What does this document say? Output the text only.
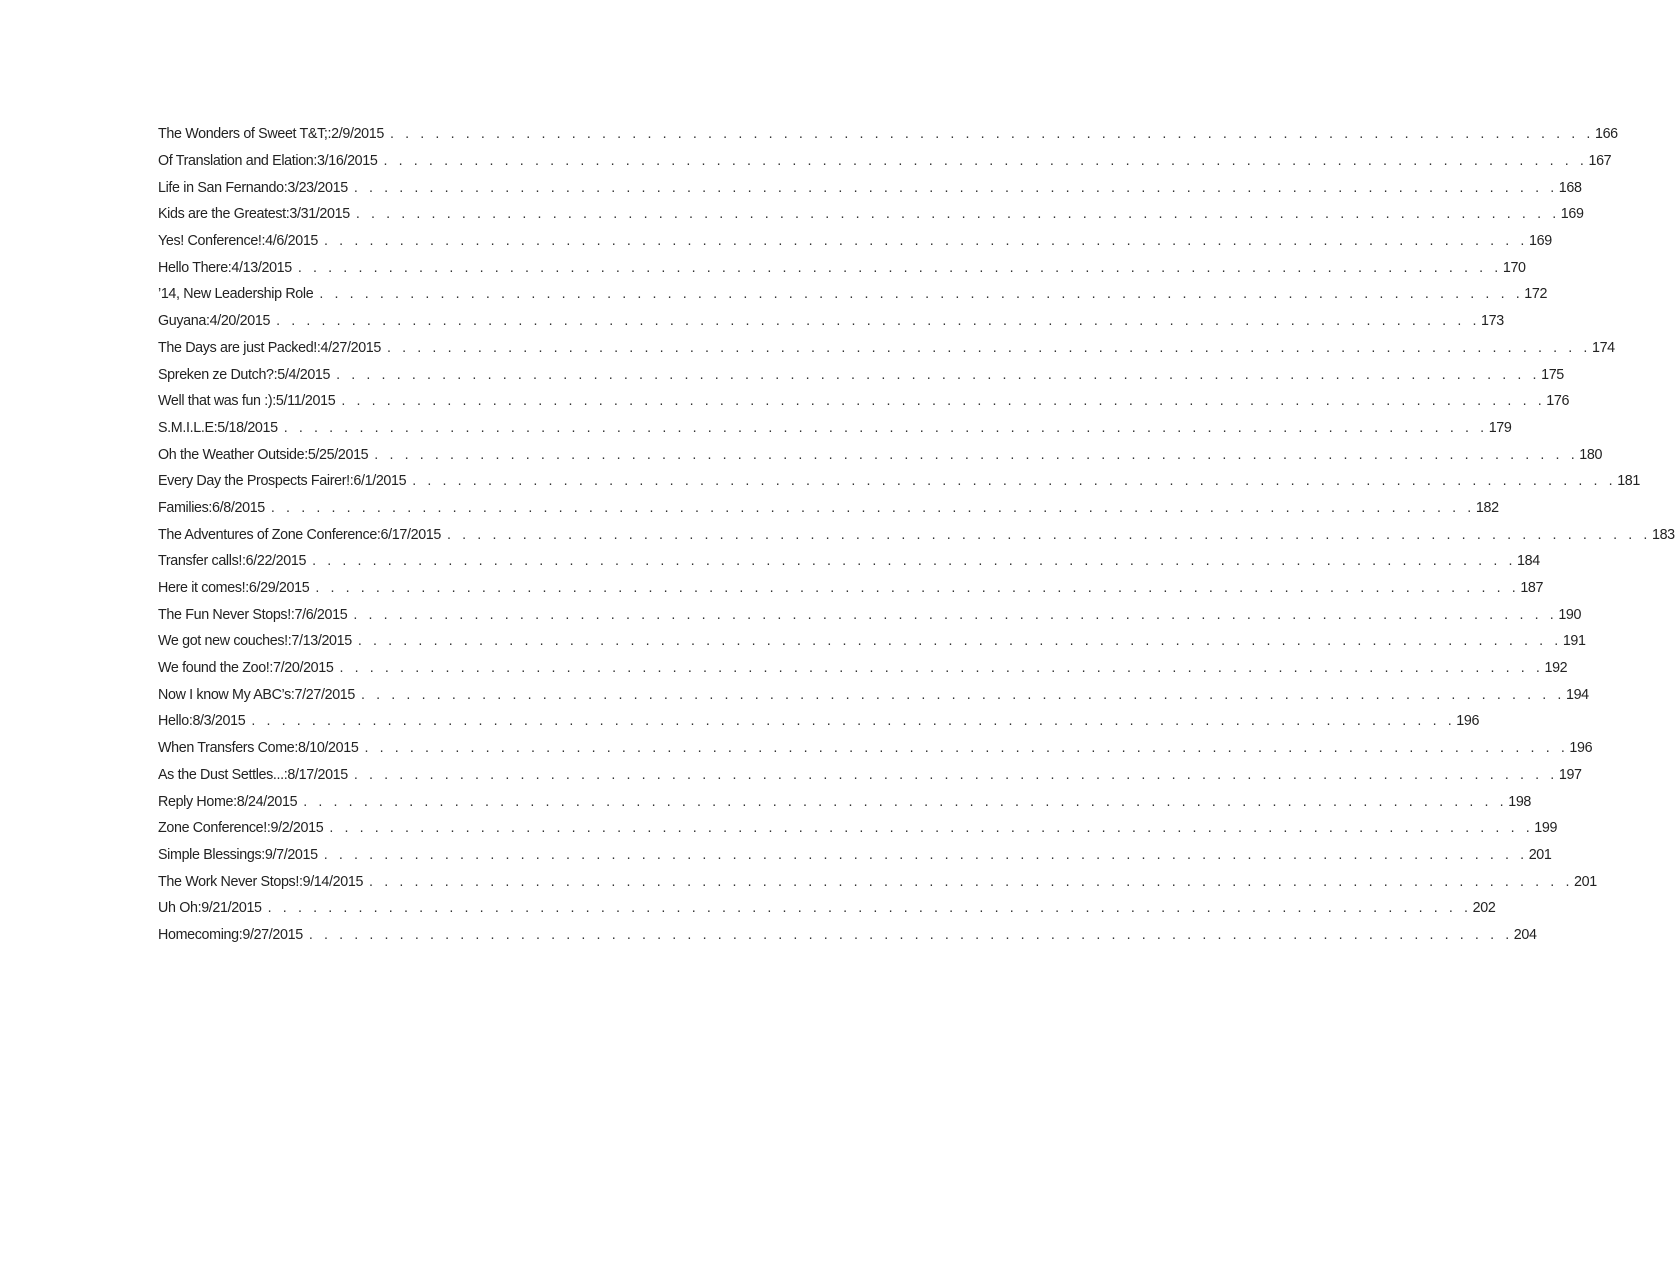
The Wonders of Sweet T&T;:2/9/2015 . . . . . . . . . . . . . . . . . . . . . . . . . . . . . . . . . . . . . . . . . . . . . . . . . . . . . . . . . . . . . . . . . . . . . . . . . . . . . . . . 166
Of Translation and Elation:3/16/2015 . . . . . . . . . . . . . . . . . . . . . . . . . . . . . . . . . . . . . . . . . . . . . . . . . . . . . . . . . . . . . . . . . . . . . . . . . . . . . . . . 167
Life in San Fernando:3/23/2015 . . . . . . . . . . . . . . . . . . . . . . . . . . . . . . . . . . . . . . . . . . . . . . . . . . . . . . . . . . . . . . . . . . . . . . . . . . . . . . . . 168
Kids are the Greatest:3/31/2015 . . . . . . . . . . . . . . . . . . . . . . . . . . . . . . . . . . . . . . . . . . . . . . . . . . . . . . . . . . . . . . . . . . . . . . . . . . . . . . . . 169
Yes! Conference!:4/6/2015 . . . . . . . . . . . . . . . . . . . . . . . . . . . . . . . . . . . . . . . . . . . . . . . . . . . . . . . . . . . . . . . . . . . . . . . . . . . . . . . . 169
Hello There:4/13/2015 . . . . . . . . . . . . . . . . . . . . . . . . . . . . . . . . . . . . . . . . . . . . . . . . . . . . . . . . . . . . . . . . . . . . . . . . . . . . . . . . 170
’14, New Leadership Role . . . . . . . . . . . . . . . . . . . . . . . . . . . . . . . . . . . . . . . . . . . . . . . . . . . . . . . . . . . . . . . . . . . . . . . . . . . . . . . . 172
Guyana:4/20/2015 . . . . . . . . . . . . . . . . . . . . . . . . . . . . . . . . . . . . . . . . . . . . . . . . . . . . . . . . . . . . . . . . . . . . . . . . . . . . . . . . 173
The Days are just Packed!:4/27/2015 . . . . . . . . . . . . . . . . . . . . . . . . . . . . . . . . . . . . . . . . . . . . . . . . . . . . . . . . . . . . . . . . . . . . . . . . . . . . . . . . 174
Spreken ze Dutch?:5/4/2015 . . . . . . . . . . . . . . . . . . . . . . . . . . . . . . . . . . . . . . . . . . . . . . . . . . . . . . . . . . . . . . . . . . . . . . . . . . . . . . . . 175
Well that was fun :):5/11/2015 . . . . . . . . . . . . . . . . . . . . . . . . . . . . . . . . . . . . . . . . . . . . . . . . . . . . . . . . . . . . . . . . . . . . . . . . . . . . . . . . 176
S.M.I.L.E:5/18/2015 . . . . . . . . . . . . . . . . . . . . . . . . . . . . . . . . . . . . . . . . . . . . . . . . . . . . . . . . . . . . . . . . . . . . . . . . . . . . . . . . 179
Oh the Weather Outside:5/25/2015 . . . . . . . . . . . . . . . . . . . . . . . . . . . . . . . . . . . . . . . . . . . . . . . . . . . . . . . . . . . . . . . . . . . . . . . . . . . . . . . . 180
Every Day the Prospects Fairer!:6/1/2015 . . . . . . . . . . . . . . . . . . . . . . . . . . . . . . . . . . . . . . . . . . . . . . . . . . . . . . . . . . . . . . . . . . . . . . . . . . . . . . . . 181
Families:6/8/2015 . . . . . . . . . . . . . . . . . . . . . . . . . . . . . . . . . . . . . . . . . . . . . . . . . . . . . . . . . . . . . . . . . . . . . . . . . . . . . . . . 182
The Adventures of Zone Conference:6/17/2015 . . . . . . . . . . . . . . . . . . . . . . . . . . . . . . . . . . . . . . . . . . . . . . . . . . . . . . . . . . . . . . . . . . . . . . . . . . . . . . . . 183
Transfer calls!:6/22/2015 . . . . . . . . . . . . . . . . . . . . . . . . . . . . . . . . . . . . . . . . . . . . . . . . . . . . . . . . . . . . . . . . . . . . . . . . . . . . . . . . 184
Here it comes!:6/29/2015 . . . . . . . . . . . . . . . . . . . . . . . . . . . . . . . . . . . . . . . . . . . . . . . . . . . . . . . . . . . . . . . . . . . . . . . . . . . . . . . . 187
The Fun Never Stops!:7/6/2015 . . . . . . . . . . . . . . . . . . . . . . . . . . . . . . . . . . . . . . . . . . . . . . . . . . . . . . . . . . . . . . . . . . . . . . . . . . . . . . . . 190
We got new couches!:7/13/2015 . . . . . . . . . . . . . . . . . . . . . . . . . . . . . . . . . . . . . . . . . . . . . . . . . . . . . . . . . . . . . . . . . . . . . . . . . . . . . . . . 191
We found the Zoo!:7/20/2015 . . . . . . . . . . . . . . . . . . . . . . . . . . . . . . . . . . . . . . . . . . . . . . . . . . . . . . . . . . . . . . . . . . . . . . . . . . . . . . . . 192
Now I know My ABC’s:7/27/2015 . . . . . . . . . . . . . . . . . . . . . . . . . . . . . . . . . . . . . . . . . . . . . . . . . . . . . . . . . . . . . . . . . . . . . . . . . . . . . . . . 194
Hello:8/3/2015 . . . . . . . . . . . . . . . . . . . . . . . . . . . . . . . . . . . . . . . . . . . . . . . . . . . . . . . . . . . . . . . . . . . . . . . . . . . . . . . . 196
When Transfers Come:8/10/2015 . . . . . . . . . . . . . . . . . . . . . . . . . . . . . . . . . . . . . . . . . . . . . . . . . . . . . . . . . . . . . . . . . . . . . . . . . . . . . . . . 196
As the Dust Settles...:8/17/2015 . . . . . . . . . . . . . . . . . . . . . . . . . . . . . . . . . . . . . . . . . . . . . . . . . . . . . . . . . . . . . . . . . . . . . . . . . . . . . . . . 197
Reply Home:8/24/2015 . . . . . . . . . . . . . . . . . . . . . . . . . . . . . . . . . . . . . . . . . . . . . . . . . . . . . . . . . . . . . . . . . . . . . . . . . . . . . . . . 198
Zone Conference!:9/2/2015 . . . . . . . . . . . . . . . . . . . . . . . . . . . . . . . . . . . . . . . . . . . . . . . . . . . . . . . . . . . . . . . . . . . . . . . . . . . . . . . . 199
Simple Blessings:9/7/2015 . . . . . . . . . . . . . . . . . . . . . . . . . . . . . . . . . . . . . . . . . . . . . . . . . . . . . . . . . . . . . . . . . . . . . . . . . . . . . . . . 201
The Work Never Stops!:9/14/2015 . . . . . . . . . . . . . . . . . . . . . . . . . . . . . . . . . . . . . . . . . . . . . . . . . . . . . . . . . . . . . . . . . . . . . . . . . . . . . . . . 201
Uh Oh:9/21/2015 . . . . . . . . . . . . . . . . . . . . . . . . . . . . . . . . . . . . . . . . . . . . . . . . . . . . . . . . . . . . . . . . . . . . . . . . . . . . . . . . 202
Homecoming:9/27/2015 . . . . . . . . . . . . . . . . . . . . . . . . . . . . . . . . . . . . . . . . . . . . . . . . . . . . . . . . . . . . . . . . . . . . . . . . . . . . . . . . 204
